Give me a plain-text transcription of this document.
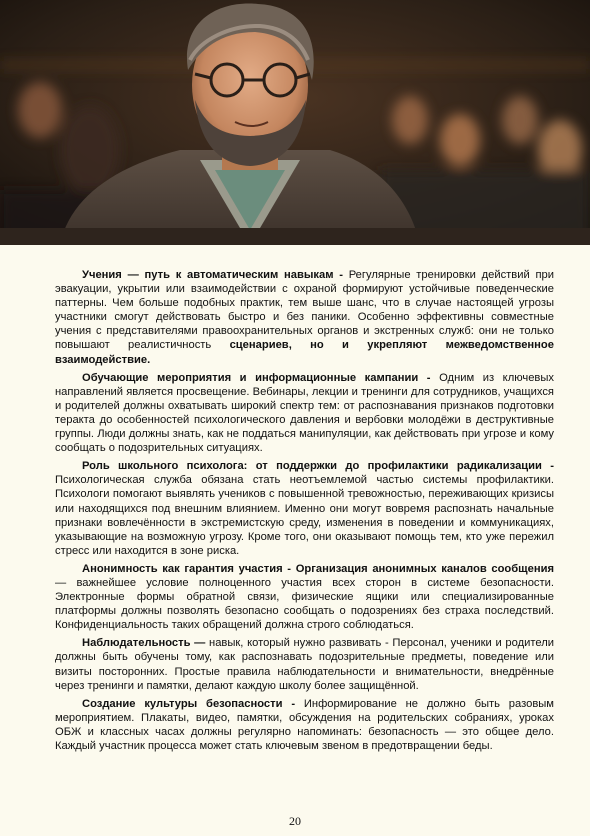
Учения — путь к автоматическим навыкам - Регулярные тренировки действий при эвакуации, укрытии или взаимодействии с охраной формируют устойчивые поведенческие паттерны. Чем больше подобных практик, тем выше шанс, что в случае настоящей угрозы участники смогут действовать быстро и без паники. Особенно эффективны совместные учения с представителями правоохранительных органов и экстренных служб: они не только повышают реалистичность сценариев, но и укрепляют межведомственное взаимодействие.

Обучающие мероприятия и информационные кампании - Одним из ключевых направлений является просвещение. Вебинары, лекции и тренинги для сотрудников, учащихся и родителей должны охватывать широкий спектр тем: от распознавания признаков подготовки теракта до особенностей психологического давления и вербовки молодёжи в деструктивные группы. Люди должны знать, как не поддаться манипуляции, как действовать при угрозе и кому сообщать о подозрительных ситуациях.

Роль школьного психолога: от поддержки до профилактики радикализации - Психологическая служба обязана стать неотъемлемой частью системы профилактики. Психологи помогают выявлять учеников с повышенной тревожностью, переживающих кризисы или находящихся под внешним влиянием. Именно они могут вовремя распознать начальные признаки вовлечённости в экстремистскую среду, изменения в поведении и коммуникациях, указывающие на возможную угрозу. Кроме того, они оказывают помощь тем, кто уже пережил стресс или находится в зоне риска.

Анонимность как гарантия участия - Организация анонимных каналов сообщения — важнейшее условие полноценного участия всех сторон в системе безопасности. Электронные формы обратной связи, физические ящики или специализированные платформы должны позволять безопасно сообщать о подозрениях без страха последствий. Конфиденциальность таких обращений должна строго соблюдаться.

Наблюдательность — навык, который нужно развивать - Персонал, ученики и родители должны быть обучены тому, как распознавать подозрительные предметы, поведение или визиты посторонних. Простые правила наблюдательности и внимательности, внедрённые через тренинги и памятки, делают каждую школу более защищённой.

Создание культуры безопасности - Информирование не должно быть разовым мероприятием. Плакаты, видео, памятки, обсуждения на родительских собраниях, уроках ОБЖ и классных часах должны регулярно напоминать: безопасность — это общее дело. Каждый участник процесса может стать ключевым звеном в предотвращении беды.

20
